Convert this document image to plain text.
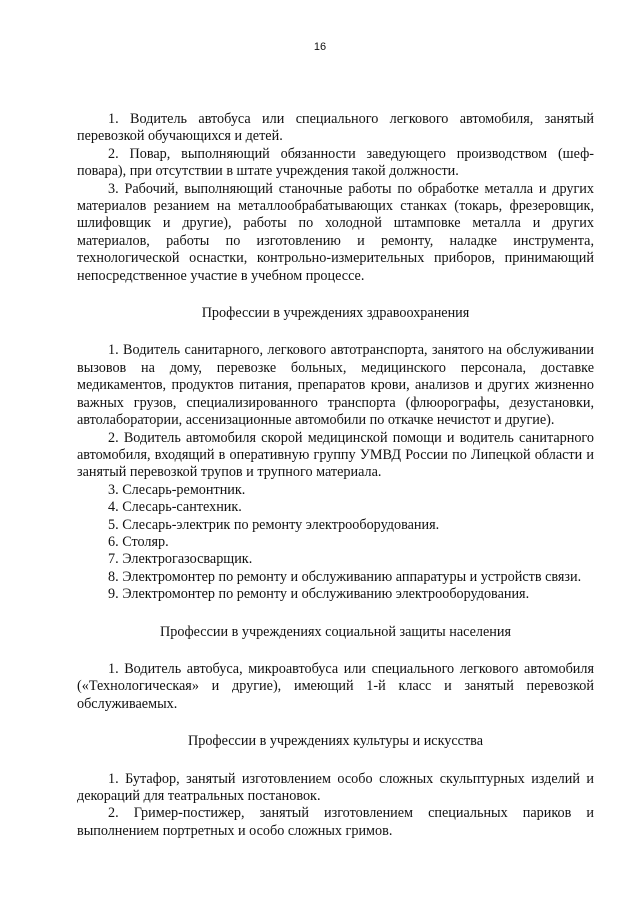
16

1. Водитель автобуса или специального легкового автомобиля, занятый перевозкой обучающихся и детей.

2. Повар, выполняющий обязанности заведующего производством (шеф-повара), при отсутствии в штате учреждения такой должности.

3. Рабочий, выполняющий станочные работы по обработке металла и других материалов резанием на металлообрабатывающих станках (токарь, фрезеровщик, шлифовщик и другие), работы по холодной штамповке металла и других материалов, работы по изготовлению и ремонту, наладке инструмента, технологической оснастки, контрольно-измерительных приборов, принимающий непосредственное участие в учебном процессе.

Профессии в учреждениях здравоохранения

1. Водитель санитарного, легкового автотранспорта, занятого на обслуживании вызовов на дому, перевозке больных, медицинского персонала, доставке медикаментов, продуктов питания, препаратов крови, анализов и других жизненно важных грузов, специализированного транспорта (флюорографы, дезустановки, автолаборатории, ассенизационные автомобили по откачке нечистот и другие).

2. Водитель автомобиля скорой медицинской помощи и водитель санитарного автомобиля, входящий в оперативную группу УМВД России по Липецкой области и занятый перевозкой трупов и трупного материала.

3. Слесарь-ремонтник.

4. Слесарь-сантехник.

5. Слесарь-электрик по ремонту электрооборудования.

6. Столяр.

7. Электрогазосварщик.

8. Электромонтер по ремонту и обслуживанию аппаратуры и устройств связи.

9. Электромонтер по ремонту и обслуживанию электрооборудования.

Профессии в учреждениях социальной защиты населения

1. Водитель автобуса, микроавтобуса или специального легкового автомобиля («Технологическая» и другие), имеющий 1-й класс и занятый перевозкой обслуживаемых.

Профессии в учреждениях культуры и искусства

1. Бутафор, занятый изготовлением особо сложных скульптурных изделий и декораций для театральных постановок.

2. Гример-постижер, занятый изготовлением специальных париков и выполнением портретных и особо сложных гримов.
